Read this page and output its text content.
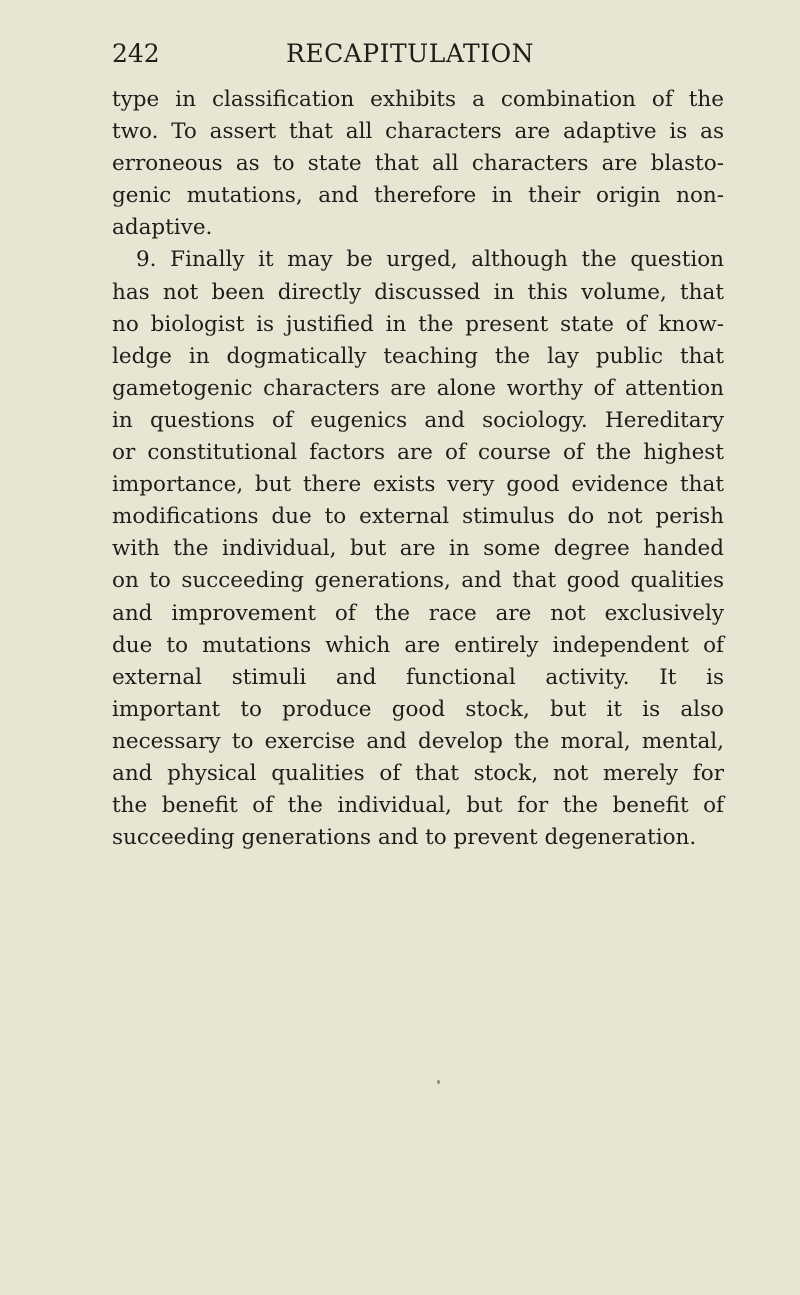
242	RECAPITULATION
type in classification exhibits a combination of the
two. To assert that all characters are adaptive is as
erroneous as to state that all characters are blasto-
genic mutations, and therefore in their origin non-
adaptive.
9. Finally it may be urged, although the question
has not been directly discussed in this volume, that
no biologist is justified in the present state of know-
ledge in dogmatically teaching the lay public that
gametogenic characters are alone worthy of attention
in questions of eugenics and sociology. Hereditary
or constitutional factors are of course of the highest
importance, but there exists very good evidence that
modifications due to external stimulus do not perish
with the individual, but are in some degree handed
on to succeeding generations, and that good qualities
and improvement of the race are not exclusively
due to mutations which are entirely independent of
external stimuli and functional activity. It is
important to produce good stock, but it is also
necessary to exercise and develop the moral, mental,
and physical qualities of that stock, not merely for
the benefit of the individual, but for the benefit of
succeeding generations and to prevent degeneration.
